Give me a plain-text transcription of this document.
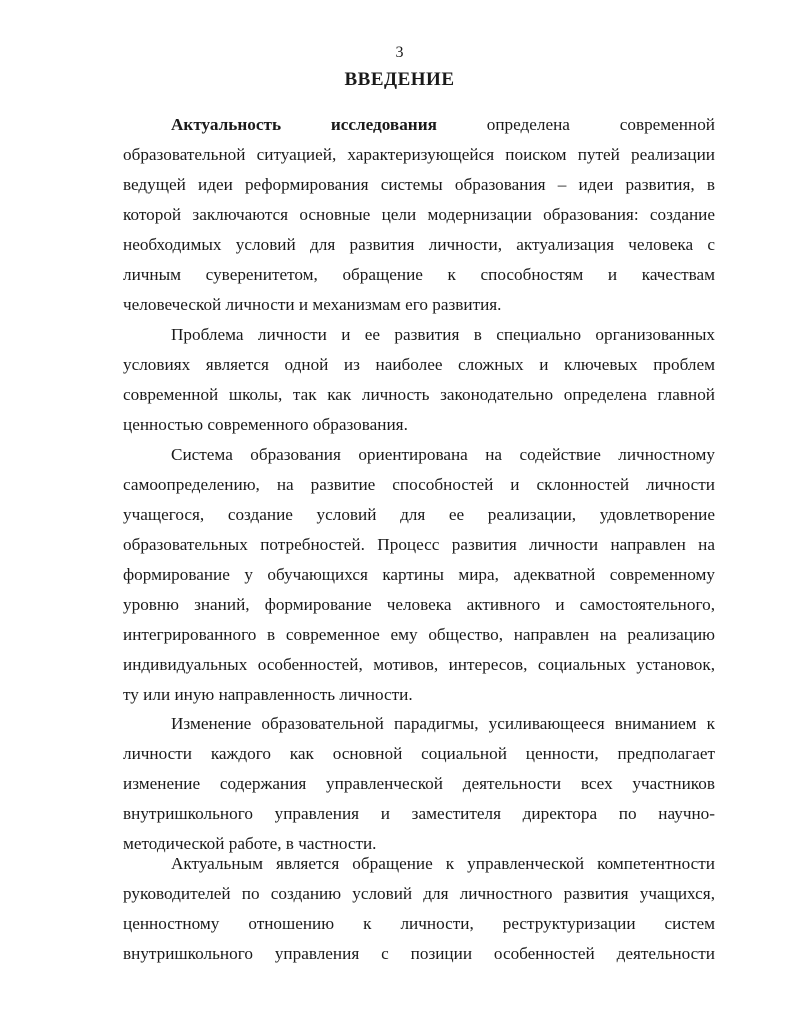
3
ВВЕДЕНИЕ
Актуальность исследования определена современной
образовательной ситуацией, характеризующейся поиском путей реализации
ведущей идеи реформирования системы образования – идеи развития, в
которой заключаются основные цели модернизации образования: создание
необходимых условий для развития личности, актуализация человека с
личным суверенитетом, обращение к способностям и качествам
человеческой личности и механизмам его развития.
Проблема личности и ее развития в специально организованных
условиях является одной из наиболее сложных и ключевых проблем
современной школы, так как личность законодательно определена главной
ценностью современного образования.
Система образования ориентирована на содействие личностному
самоопределению, на развитие способностей и склонностей личности
учащегося, создание условий для ее реализации, удовлетворение
образовательных потребностей. Процесс развития личности направлен на
формирование у обучающихся картины мира, адекватной современному
уровню знаний, формирование человека активного и самостоятельного,
интегрированного в современное ему общество, направлен на реализацию
индивидуальных особенностей, мотивов, интересов, социальных установок,
ту или иную направленность личности.
Изменение образовательной парадигмы, усиливающееся вниманием к
личности каждого как основной социальной ценности, предполагает
изменение содержания управленческой деятельности всех участников
внутришкольного управления и заместителя директора по научно-
методической работе, в частности.
Актуальным является обращение к управленческой компетентности
руководителей по созданию условий для личностного развития учащихся,
ценностному отношению к личности, реструктуризации систем
внутришкольного управления с позиции особенностей деятельности
